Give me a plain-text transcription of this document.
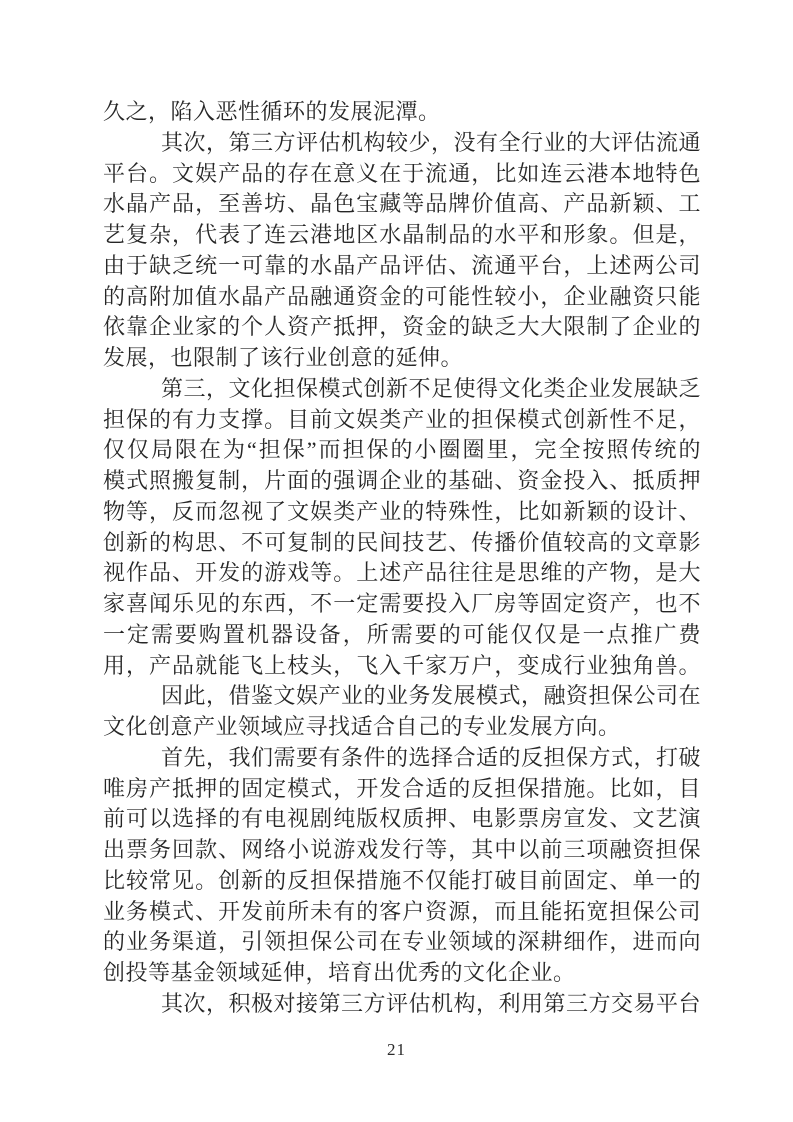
久之，陷入恶性循环的发展泥潭。
其次，第三方评估机构较少，没有全行业的大评估流通
平台。文娱产品的存在意义在于流通，比如连云港本地特色
水晶产品，至善坊、晶色宝藏等品牌价值高、产品新颖、工
艺复杂，代表了连云港地区水晶制品的水平和形象。但是，
由于缺乏统一可靠的水晶产品评估、流通平台，上述两公司
的高附加值水晶产品融通资金的可能性较小，企业融资只能
依靠企业家的个人资产抵押，资金的缺乏大大限制了企业的
发展，也限制了该行业创意的延伸。
第三，文化担保模式创新不足使得文化类企业发展缺乏
担保的有力支撑。目前文娱类产业的担保模式创新性不足，
仅仅局限在为“担保”而担保的小圈圈里，完全按照传统的
模式照搬复制，片面的强调企业的基础、资金投入、抵质押
物等，反而忽视了文娱类产业的特殊性，比如新颖的设计、
创新的构思、不可复制的民间技艺、传播价值较高的文章影
视作品、开发的游戏等。上述产品往往是思维的产物，是大
家喜闻乐见的东西，不一定需要投入厂房等固定资产，也不
一定需要购置机器设备，所需要的可能仅仅是一点推广费
用，产品就能飞上枝头，飞入千家万户，变成行业独角兽。
因此，借鉴文娱产业的业务发展模式，融资担保公司在
文化创意产业领域应寻找适合自己的专业发展方向。
首先，我们需要有条件的选择合适的反担保方式，打破
唯房产抵押的固定模式，开发合适的反担保措施。比如，目
前可以选择的有电视剧纯版权质押、电影票房宣发、文艺演
出票务回款、网络小说游戏发行等，其中以前三项融资担保
比较常见。创新的反担保措施不仅能打破目前固定、单一的
业务模式、开发前所未有的客户资源，而且能拓宽担保公司
的业务渠道，引领担保公司在专业领域的深耕细作，进而向
创投等基金领域延伸，培育出优秀的文化企业。
其次，积极对接第三方评估机构，利用第三方交易平台
21
